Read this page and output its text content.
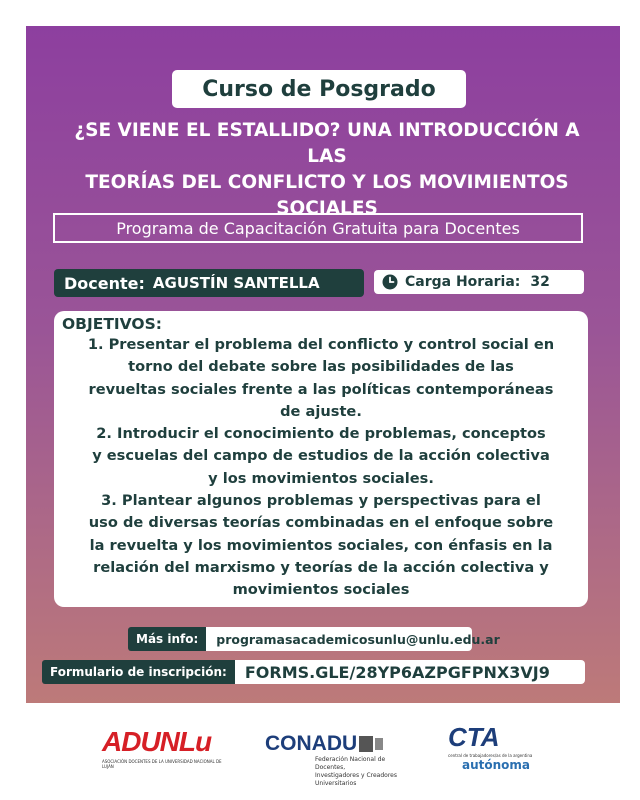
Curso de Posgrado
¿SE VIENE EL ESTALLIDO? UNA INTRODUCCIÓN A LAS
TEORÍAS DEL CONFLICTO Y LOS MOVIMIENTOS
SOCIALES
Programa de Capacitación Gratuita para Docentes
Docente: AGUSTÍN SANTELLA	Carga Horaria: 32
OBJETIVOS:

1. Presentar el problema del conflicto y control social en

torno del debate sobre las posibilidades de las

revueltas sociales frente a las políticas contemporáneas

de ajuste.

2. Introducir el conocimiento de problemas, conceptos

y escuelas del campo de estudios de la acción colectiva

y los movimientos sociales.

3. Plantear algunos problemas y perspectivas para el

uso de diversas teorías combinadas en el enfoque sobre

la revuelta y los movimientos sociales, con énfasis en la

relación del marxismo y teorías de la acción colectiva y

movimientos sociales

Más info:	programasacademicosunlu@unlu.edu.ar
Formulario de inscripción:	FORMS.GLE/28YP6AZPGFPNX3VJ9
ADUNLu
ASOCIACIÓN DOCENTES DE LA UNIVERSIDAD NACIONAL DE LUJÁN
CONADU
Federación Nacional de Docentes,
Investigadores y Creadores Universitarios
CTA
central de trabajadores/as de la argentina
autónoma
